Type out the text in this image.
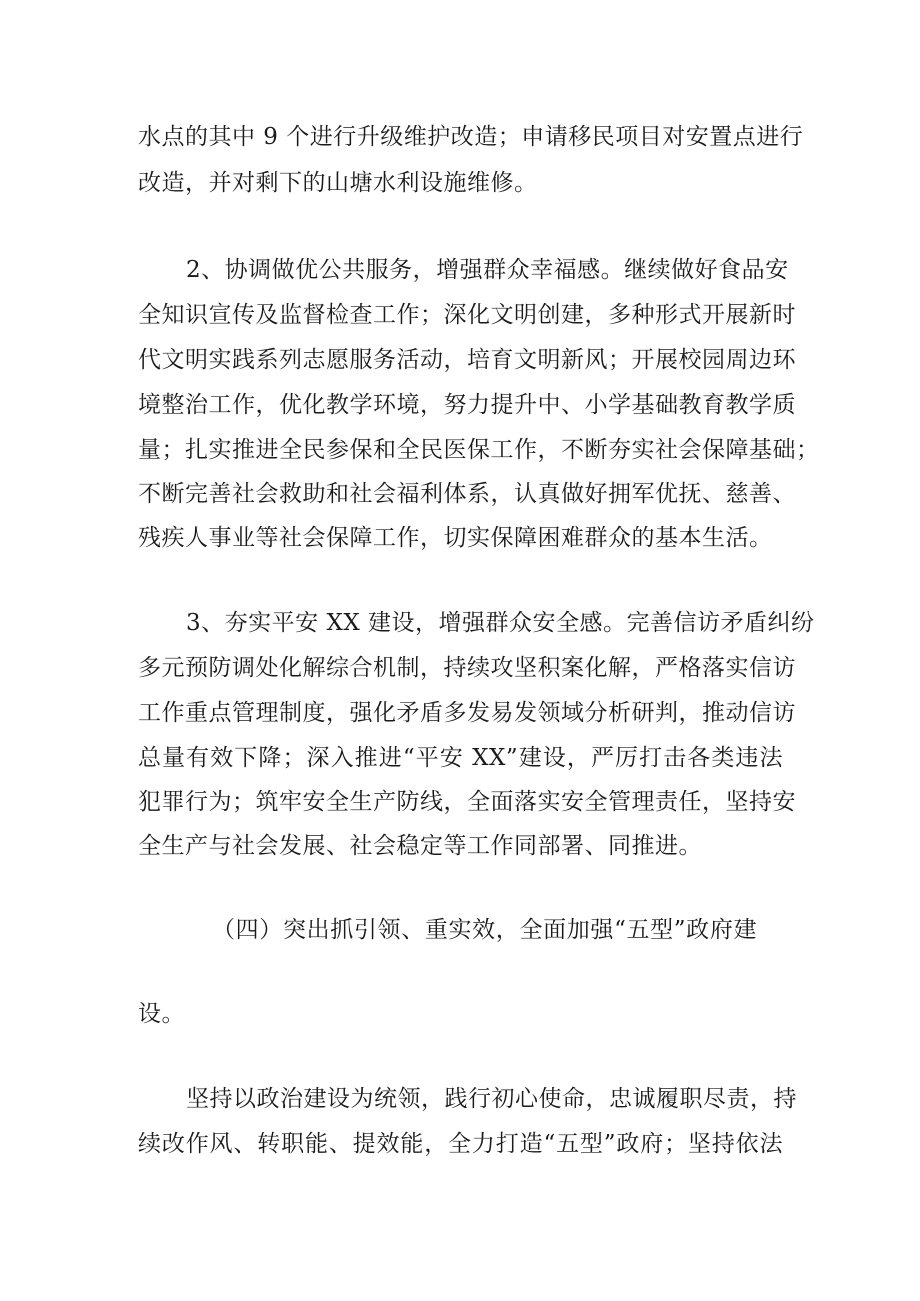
水点的其中 9 个进行升级维护改造；申请移民项目对安置点进行
改造，并对剩下的山塘水利设施维修。
2、协调做优公共服务，增强群众幸福感。继续做好食品安
全知识宣传及监督检查工作；深化文明创建，多种形式开展新时
代文明实践系列志愿服务活动，培育文明新风；开展校园周边环
境整治工作，优化教学环境，努力提升中、小学基础教育教学质
量；扎实推进全民参保和全民医保工作，不断夯实社会保障基础；
不断完善社会救助和社会福利体系，认真做好拥军优抚、慈善、
残疾人事业等社会保障工作，切实保障困难群众的基本生活。
3、夯实平安 XX 建设，增强群众安全感。完善信访矛盾纠纷
多元预防调处化解综合机制，持续攻坚积案化解，严格落实信访
工作重点管理制度，强化矛盾多发易发领域分析研判，推动信访
总量有效下降；深入推进“平安 XX”建设，严厉打击各类违法
犯罪行为；筑牢安全生产防线，全面落实安全管理责任，坚持安
全生产与社会发展、社会稳定等工作同部署、同推进。
（四）突出抓引领、重实效，全面加强“五型”政府建
设。
坚持以政治建设为统领，践行初心使命，忠诚履职尽责，持
续改作风、转职能、提效能，全力打造“五型”政府；坚持依法
